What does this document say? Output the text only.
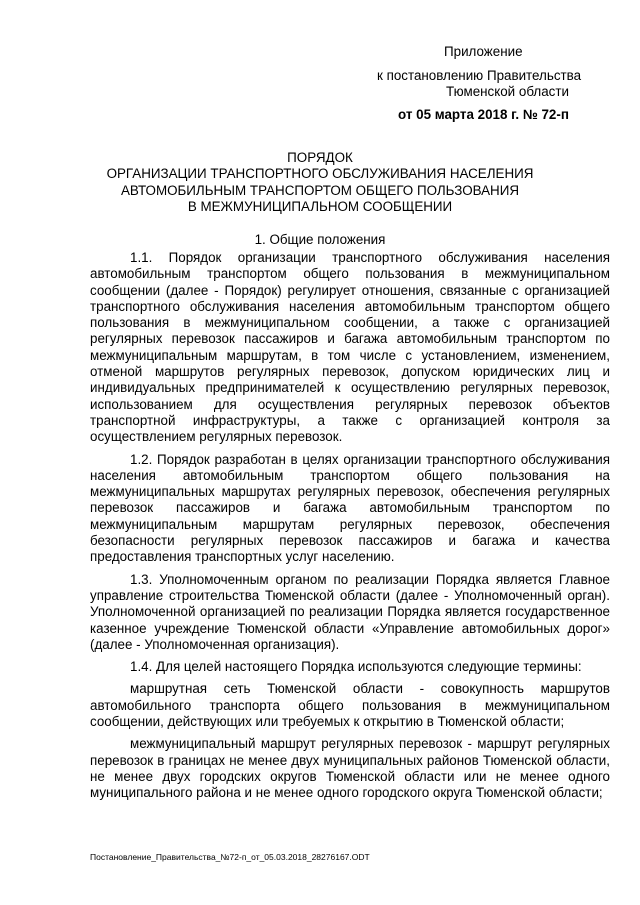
Приложение
к постановлению Правительства
Тюменской области
от 05 марта 2018 г. № 72-п
ПОРЯДОК
ОРГАНИЗАЦИИ ТРАНСПОРТНОГО ОБСЛУЖИВАНИЯ НАСЕЛЕНИЯ
АВТОМОБИЛЬНЫМ ТРАНСПОРТОМ ОБЩЕГО ПОЛЬЗОВАНИЯ
В МЕЖМУНИЦИПАЛЬНОМ СООБЩЕНИИ
1. Общие положения

1.1. Порядок организации транспортного обслуживания населения автомобильным транспортом общего пользования в межмуниципальном сообщении (далее - Порядок) регулирует отношения, связанные с организацией транспортного обслуживания населения автомобильным транспортом общего пользования в межмуниципальном сообщении, а также с организацией регулярных перевозок пассажиров и багажа автомобильным транспортом по межмуниципальным маршрутам, в том числе с установлением, изменением, отменой маршрутов регулярных перевозок, допуском юридических лиц и индивидуальных предпринимателей к осуществлению регулярных перевозок, использованием для осуществления регулярных перевозок объектов транспортной инфраструктуры, а также с организацией контроля за осуществлением регулярных перевозок.

1.2. Порядок разработан в целях организации транспортного обслуживания населения автомобильным транспортом общего пользования на межмуниципальных маршрутах регулярных перевозок, обеспечения регулярных перевозок пассажиров и багажа автомобильным транспортом по межмуниципальным маршрутам регулярных перевозок, обеспечения безопасности регулярных перевозок пассажиров и багажа и качества предоставления транспортных услуг населению.

1.3. Уполномоченным органом по реализации Порядка является Главное управление строительства Тюменской области (далее - Уполномоченный орган). Уполномоченной организацией по реализации Порядка является государственное казенное учреждение Тюменской области «Управление автомобильных дорог» (далее - Уполномоченная организация).

1.4. Для целей настоящего Порядка используются следующие термины:

маршрутная сеть Тюменской области - совокупность маршрутов автомобильного транспорта общего пользования в межмуниципальном сообщении, действующих или требуемых к открытию в Тюменской области;

межмуниципальный маршрут регулярных перевозок - маршрут регулярных перевозок в границах не менее двух муниципальных районов Тюменской области, не менее двух городских округов Тюменской области или не менее одного муниципального района и не менее одного городского округа Тюменской области;

Постановление_Правительства_№72-п_от_05.03.2018_28276167.ODT
